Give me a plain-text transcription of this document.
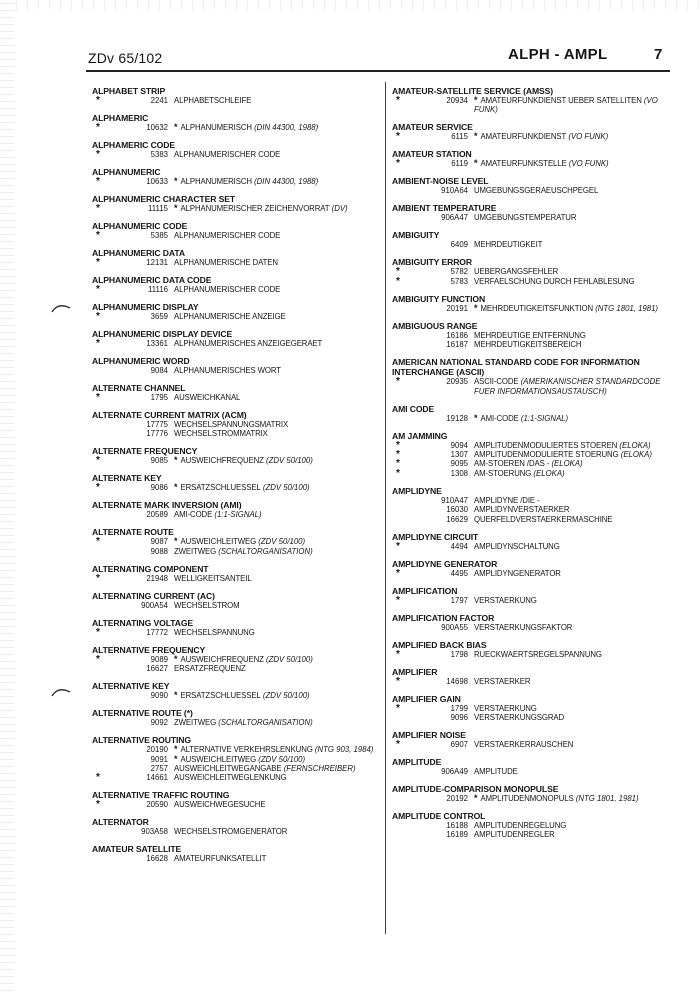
ZDv 65/102	ALPH - AMPL	7
ALPHABET STRIP
*	2241 ALPHABETSCHLEIFE
ALPHAMERIC
*	10632 * ALPHANUMERISCH (DIN 44300, 1988)
ALPHAMERIC CODE
*	5383 ALPHANUMERISCHER CODE
ALPHANUMERIC
*	10633 * ALPHANUMERISCH (DIN 44300, 1988)
ALPHANUMERIC CHARACTER SET
*	11115 * ALPHANUMERISCHER ZEICHENVORRAT (DV)
ALPHANUMERIC CODE
*	5385 ALPHANUMERISCHER CODE
ALPHANUMERIC DATA
*	12131 ALPHANUMERISCHE DATEN
ALPHANUMERIC DATA CODE
*	11116 ALPHANUMERISCHER CODE
ALPHANUMERIC DISPLAY
*	3659 ALPHANUMERISCHE ANZEIGE
ALPHANUMERIC DISPLAY DEVICE
*	13361 ALPHANUMERISCHES ANZEIGEGERAET
ALPHANUMERIC WORD
9084 ALPHANUMERISCHES WORT
ALTERNATE CHANNEL
*	1795 AUSWEICHKANAL
ALTERNATE CURRENT MATRIX (ACM)
17775 WECHSELSPANNUNGSMATRIX
17776 WECHSELSTROMMATRIX
ALTERNATE FREQUENCY
*	9085 * AUSWEICHFREQUENZ (ZDV 50/100)
ALTERNATE KEY
*	9086 * ERSATZSCHLUESSEL (ZDV 50/100)
ALTERNATE MARK INVERSION (AMI)
20589 AMI-CODE (1:1-SIGNAL)
ALTERNATE ROUTE
*	9087 * AUSWEICHLEITWEG (ZDV 50/100)
9088 ZWEITWEG (SCHALTORGANISATION)
ALTERNATING COMPONENT
*	21948 WELLIGKEITSANTEIL
ALTERNATING CURRENT (AC)
900A54 WECHSELSTROM
ALTERNATING VOLTAGE
*	17772 WECHSELSPANNUNG
ALTERNATIVE FREQUENCY
*	9089 * AUSWEICHFREQUENZ (ZDV 50/100)
16627 ERSATZFREQUENZ
ALTERNATIVE KEY
9090 * ERSATZSCHLUESSEL (ZDV 50/100)
ALTERNATIVE ROUTE (*)
9092 ZWEITWEG (SCHALTORGANISATION)
ALTERNATIVE ROUTING
20190 * ALTERNATIVE VERKEHRSLENKUNG (NTG 903, 1984)
9091 * AUSWEICHLEITWEG (ZDV 50/100)
2757 AUSWEICHLEITWEGANGABE (FERNSCHREIBER)
*	14661 AUSWEICHLEITWEGLENKUNG
ALTERNATIVE TRAFFIC ROUTING
*	20590 AUSWEICHWEGESUCHE
ALTERNATOR
903A58 WECHSELSTROMGENERATOR
AMATEUR SATELLITE
16628 AMATEURFUNKSATELLIT
AMATEUR-SATELLITE SERVICE (AMSS)
*	20934 * AMATEURFUNKDIENST UEBER SATELLITEN (VO FUNK)
AMATEUR SERVICE
*	6115 * AMATEURFUNKDIENST (VO FUNK)
AMATEUR STATION
*	6119 * AMATEURFUNKSTELLE (VO FUNK)
AMBIENT-NOISE LEVEL
910A64 UMGEBUNGSGERAEUSCHPEGEL
AMBIENT TEMPERATURE
906A47 UMGEBUNGSTEMPERATUR
AMBIGUITY
6409 MEHRDEUTIGKEIT
AMBIGUITY ERROR
*	5782 UEBERGANGSFEHLER
*	5783 VERFAELSCHUNG DURCH FEHLABLESUNG
AMBIGUITY FUNCTION
20191 * MEHRDEUTIGKEITSFUNKTION (NTG 1801, 1981)
AMBIGUOUS RANGE
16186 MEHRDEUTIGE ENTFERNUNG
16187 MEHRDEUTIGKEITSBEREICH
AMERICAN NATIONAL STANDARD CODE FOR INFORMATION INTERCHANGE (ASCII)
*	20935 ASCII-CODE (AMERIKANISCHER STANDARDCODE FUER INFORMATIONSAUSTAUSCH)
AMI CODE
19128 * AMI-CODE (1:1-SIGNAL)
AM JAMMING
*	9094 AMPLITUDENMODULIERTES STOEREN (ELOKA)
*	1307 AMPLITUDENMODULIERTE STOERUNG (ELOKA)
*	9095 AM-STOEREN /DAS - (ELOKA)
*	1308 AM-STOERUNG (ELOKA)
AMPLIDYNE
910A47 AMPLIDYNE /DIE -
16030 AMPLIDYNVERSTAERKER
16629 QUERFELDVERSTAERKERMASCHINE
AMPLIDYNE CIRCUIT
*	4494 AMPLIDYNSCHALTUNG
AMPLIDYNE GENERATOR
*	4495 AMPLIDYNGENERATOR
AMPLIFICATION
*	1797 VERSTAERKUNG
AMPLIFICATION FACTOR
900A55 VERSTAERKUNGSFAKTOR
AMPLIFIED BACK BIAS
*	1798 RUECKWAERTSREGELSPANNUNG
AMPLIFIER
*	14698 VERSTAERKER
AMPLIFIER GAIN
*	1799 VERSTAERKUNG
9096 VERSTAERKUNGSGRAD
AMPLIFIER NOISE
*	6907 VERSTAERKERRAUSCHEN
AMPLITUDE
906A49 AMPLITUDE
AMPLITUDE-COMPARISON MONOPULSE
20192 * AMPLITUDENMONOPULS (NTG 1801, 1981)
AMPLITUDE CONTROL
16188 AMPLITUDENREGELUNG
16189 AMPLITUDENREGLER
